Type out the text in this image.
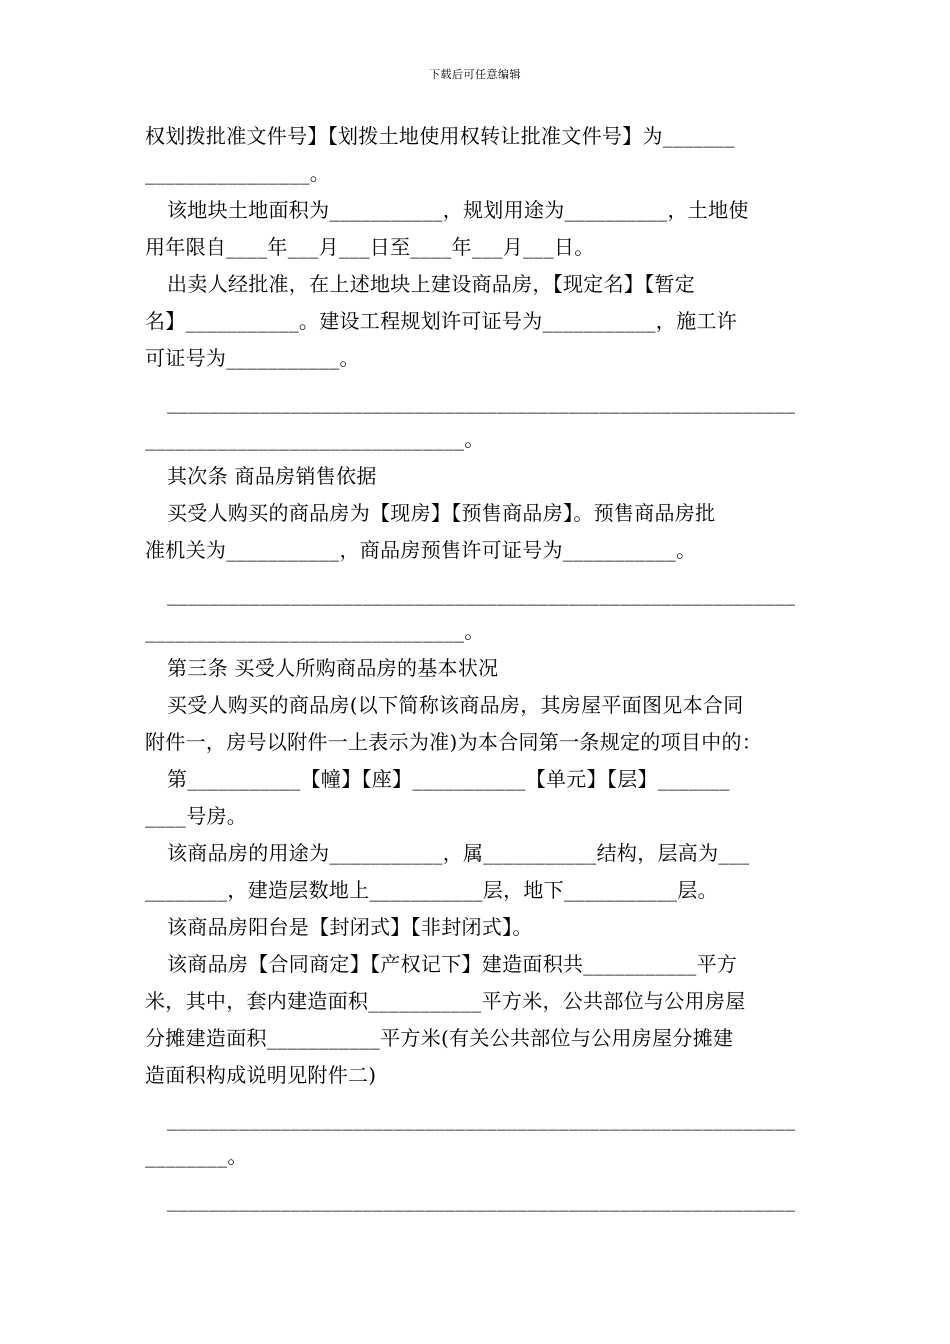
下载后可任意编辑
权划拨批准文件号】【划拨土地使用权转让批准文件号】为_______
________________。
该地块土地面积为___________，规划用途为__________，土地使
用年限自____年___月___日至____年___月___日。
出卖人经批准，在上述地块上建设商品房，【现定名】【暂定
名】___________。建设工程规划许可证号为___________，施工许
可证号为___________。
_____________________________________________________________
_______________________________。
其次条 商品房销售依据
买受人购买的商品房为【现房】【预售商品房】。预售商品房批
准机关为___________，商品房预售许可证号为___________。
_____________________________________________________________
_______________________________。
第三条 买受人所购商品房的基本状况
买受人购买的商品房(以下简称该商品房，其房屋平面图见本合同
附件一，房号以附件一上表示为准)为本合同第一条规定的项目中的：
第___________【幢】【座】___________【单元】【层】_______
____号房。
该商品房的用途为___________，属___________结构，层高为___
________，建造层数地上___________层，地下___________层。
该商品房阳台是【封闭式】【非封闭式】。
该商品房【合同商定】【产权记下】建造面积共___________平方
米，其中，套内建造面积___________平方米，公共部位与公用房屋
分摊建造面积___________平方米(有关公共部位与公用房屋分摊建
造面积构成说明见附件二)
_____________________________________________________________
________。
_____________________________________________________________
